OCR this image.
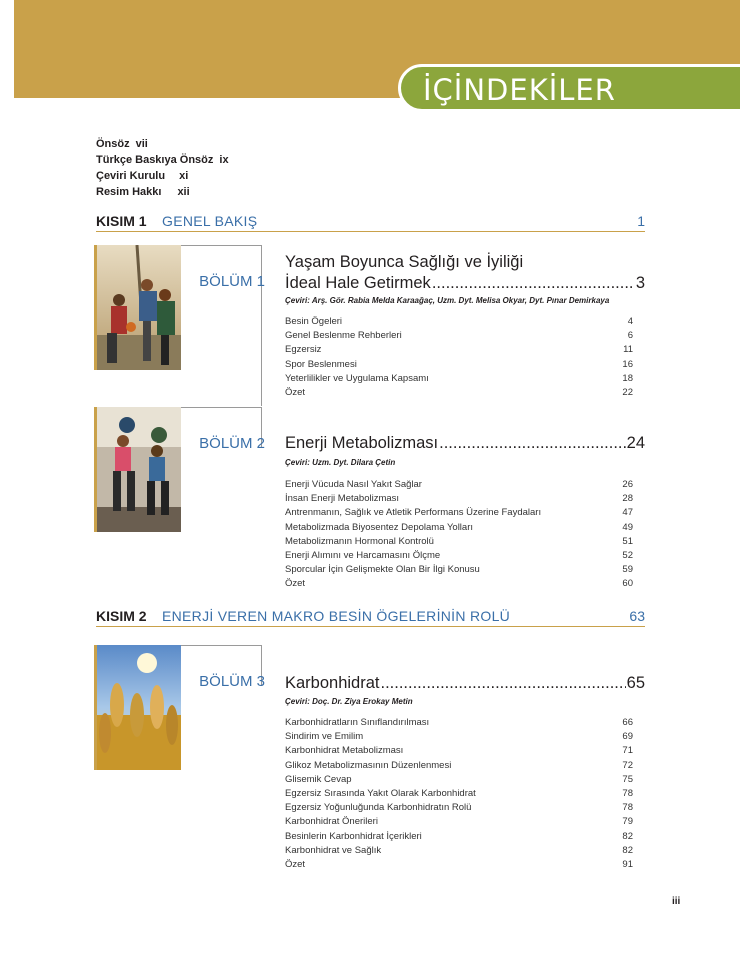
İÇİNDEKİLER
Önsöz vii
Türkçe Baskıya Önsöz ix
Çeviri Kurulu xi
Resim Hakkı xii
KISIM 1 GENEL BAKIŞ	1
BÖLÜM 1
Yaşam Boyunca Sağlığı ve İyiliği
İdeal Hale Getirmek .....	3
Çeviri: Arş. Gör. Rabia Melda Karaağaç, Uzm. Dyt. Melisa Okyar, Dyt. Pınar Demirkaya
Besin Ögeleri	4
Genel Beslenme Rehberleri	6
Egzersiz	11
Spor Beslenmesi	16
Yeterlilikler ve Uygulama Kapsamı	18
Özet	22
BÖLÜM 2 Enerji Metabolizması .....	24
Çeviri: Uzm. Dyt. Dilara Çetin
Enerji Vücuda Nasıl Yakıt Sağlar	26
İnsan Enerji Metabolizması	28
Antrenmanın, Sağlık ve Atletik Performans Üzerine Faydaları	47
Metabolizmada Biyosentez Depolama Yolları	49
Metabolizmanın Hormonal Kontrolü	51
Enerji Alımını ve Harcamasını Ölçme	52
Sporcular İçin Gelişmekte Olan Bir İlgi Konusu	59
Özet	60
KISIM 2 ENERJİ VEREN MAKRO BESİN ÖGELERİNİN ROLÜ	63
BÖLÜM 3 Karbonhidrat .....	65
Çeviri: Doç. Dr. Ziya Erokay Metin
Karbonhidratların Sınıflandırılması	66
Sindirim ve Emilim	69
Karbonhidrat Metabolizması	71
Glikoz Metabolizmasının Düzenlenmesi	72
Glisemik Cevap	75
Egzersiz Sırasında Yakıt Olarak Karbonhidrat	78
Egzersiz Yoğunluğunda Karbonhidratın Rolü	78
Karbonhidrat Önerileri	79
Besinlerin Karbonhidrat İçerikleri	82
Karbonhidrat ve Sağlık	82
Özet	91
iii
